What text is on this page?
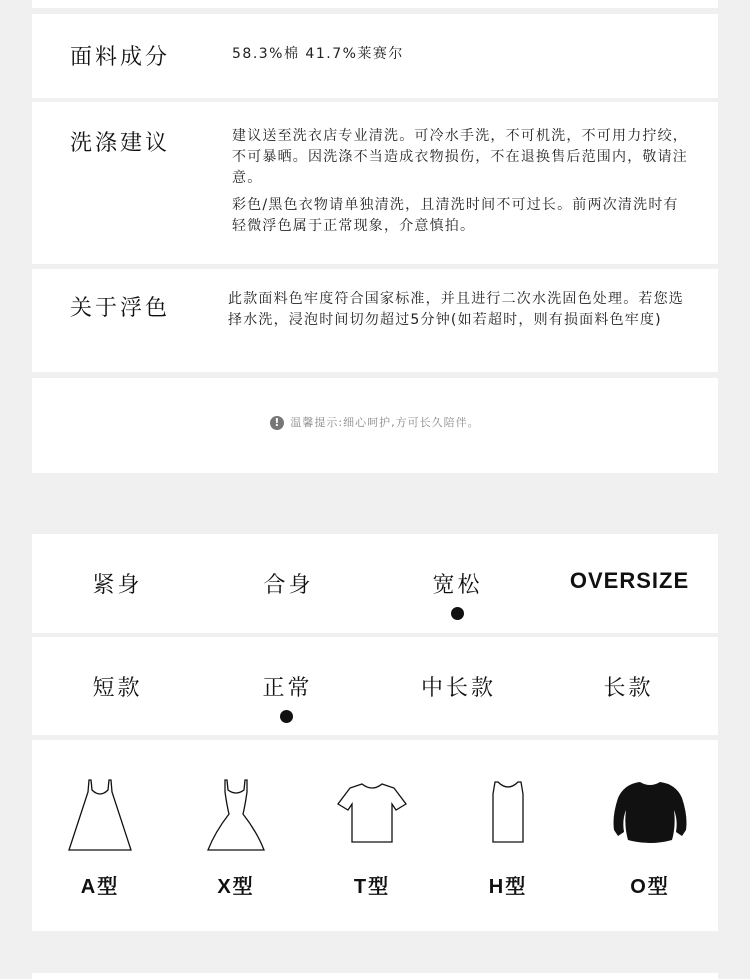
面料成分	58.3%棉 41.7%莱赛尔
洗涤建议	建议送至洗衣店专业清洗。可冷水手洗，不可机洗，不可用力拧绞，不可暴晒。因洗涤不当造成衣物损伤，不在退换售后范围内，敬请注意。

彩色/黑色衣物请单独清洗，且清洗时间不可过长。前两次清洗时有轻微浮色属于正常现象，介意慎拍。

关于浮色	此款面料色牢度符合国家标准，并且进行二次水洗固色处理。若您选择水洗，浸泡时间切勿超过5分钟(如若超时，则有损面料色牢度)
! 温馨提示:细心呵护,方可长久陪伴。
紧身	合身	宽松	OVERSIZE
短款	正常	中长款	长款
A型	X型	T型	H型	O型
